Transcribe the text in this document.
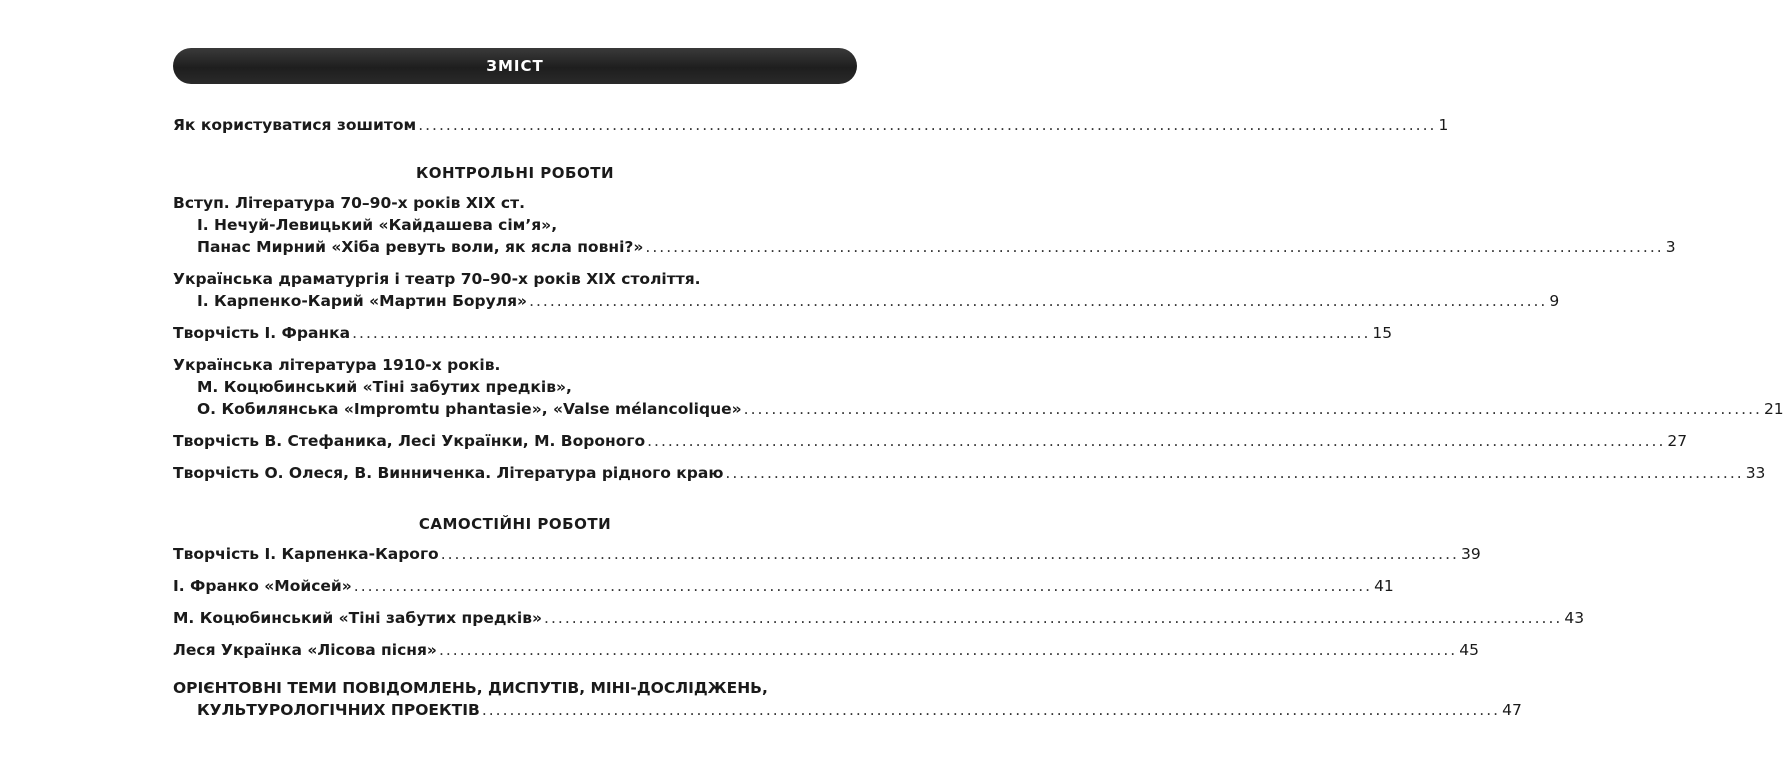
ЗМІСТ
Як користуватися зошитом ................................................................................................................................................... 1
КОНТРОЛЬНІ РОБОТИ
Вступ. Література 70–90-х років XIX ст.
І. Нечуй-Левицький «Кайдашева сім’я»,
Панас Мирний «Хіба ревуть воли, як ясла повні?» ................................................................................................................................................... 3
Українська драматургія і театр 70–90-х років XIX століття.
І. Карпенко-Карий «Мартин Боруля» ................................................................................................................................................... 9
Творчість І. Франка ................................................................................................................................................... 15
Українська література 1910-х років.
М. Коцюбинський «Тіні забутих предків»,
О. Кобилянська «Impromtu phantasie», «Valse mélancolique» ................................................................................................................................................... 21
Творчість В. Стефаника, Лесі Українки, М. Вороного ................................................................................................................................................... 27
Творчість О. Олеся, В. Винниченка. Література рідного краю ................................................................................................................................................... 33
САМОСТІЙНІ РОБОТИ
Творчість І. Карпенка-Карого ................................................................................................................................................... 39
І. Франко «Мойсей» ................................................................................................................................................... 41
М. Коцюбинський «Тіні забутих предків» ................................................................................................................................................... 43
Леся Українка «Лісова пісня» ................................................................................................................................................... 45
ОРІЄНТОВНІ ТЕМИ ПОВІДОМЛЕНЬ, ДИСПУТІВ, МІНІ-ДОСЛІДЖЕНЬ,
КУЛЬТУРОЛОГІЧНИХ ПРОЕКТІВ ................................................................................................................................................... 47
